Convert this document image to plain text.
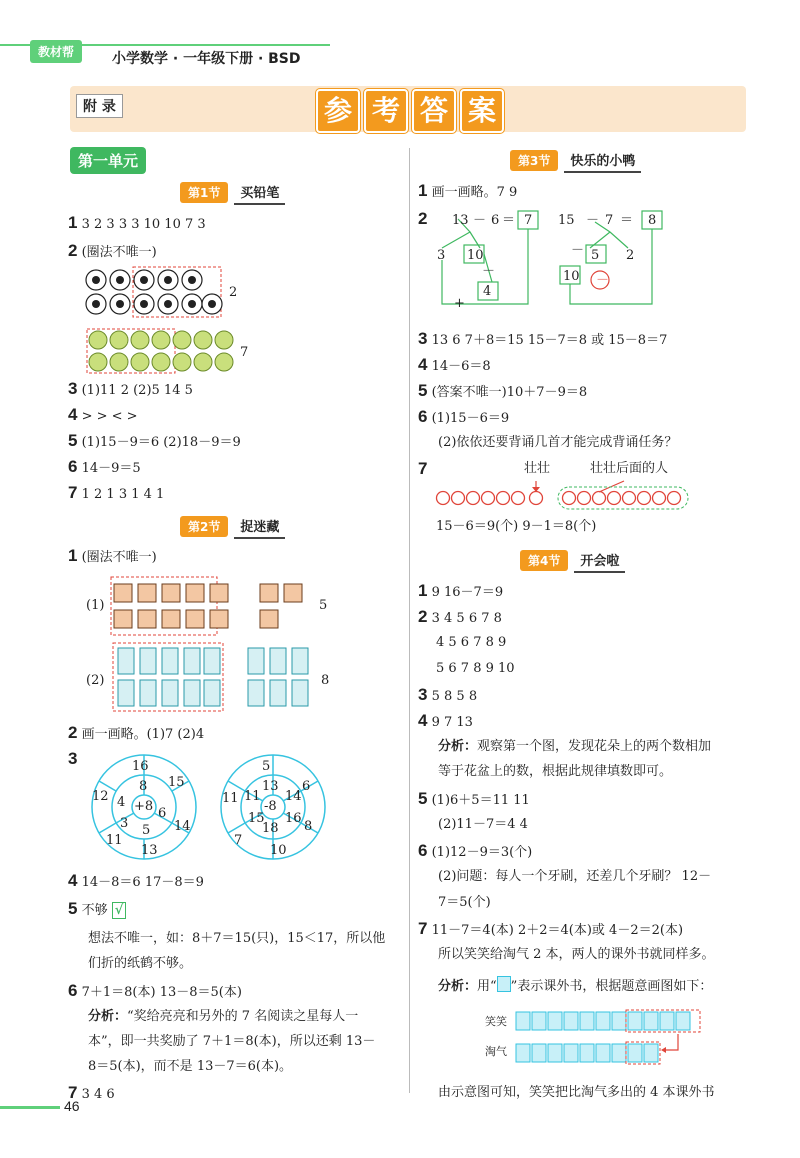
教材帮	小学数学 · 一年级下册 · BSD
附 录	参 考 答 案
第一单元
第1节	买铅笔
1 3 2 3 3 3 10 10 7 3
2 (圈法不唯一)
2
7
3 (1)11 2 (2)5 14 5
4 > > < >
5 (1)15－9＝6 (2)18－9＝9
6 14－9＝5
7 1 2 1 3 1 4 1
第2节	捉迷藏
1 (圈法不唯一)
(1)	5
(2)	8
2 画一画略。(1)7 (2)4
3
+8
8
6
5
3
4
16
15
14
13
11
12
-8
13
14
16
18
15
11
5
6
8
10
7
11
4 14－8＝6 17－8＝9
5 不够 √
想法不唯一，如：8＋7＝15(只)，15＜17，所以他
们折的纸鹤不够。
6 7＋1＝8(本) 13－8＝5(本)
分析：“奖给亮亮和另外的 7 名阅读之星每人一
本”，即一共奖励了 7＋1＝8(本)，所以还剩 13－
8＝5(本)，而不是 13－7＝6(本)。
7 3 4 6
第3节	快乐的小鸭
1 画一画略。7 9
2 13 － 6 ＝ 7
3 10
－
4
+
15 － 7 ＝ 8
－ 5 2
10 －
3 13 6 7＋8＝15 15－7＝8 或 15－8＝7
4 14－6＝8
5 (答案不唯一)10＋7－9＝8
6 (1)15－6＝9
(2)依依还要背诵几首才能完成背诵任务？
7	壮壮	壮壮后面的人
15－6＝9(个) 9－1＝8(个)
第4节	开会啦
1 9 16－7＝9
2 3 4 5 6 7 8
4 5 6 7 8 9
5 6 7 8 9 10
3 5 8 5 8
4 9 7 13
分析：观察第一个图，发现花朵上的两个数相加
等于花盆上的数，根据此规律填数即可。
5 (1)6＋5＝11 11
(2)11－7＝4 4
6 (1)12－9＝3(个)
(2)问题：每人一个牙刷，还差几个牙刷？ 12－
7＝5(个)
7 11－7＝4(本) 2＋2＝4(本)或 4－2＝2(本)
所以笑笑给淘气 2 本，两人的课外书就同样多。
分析：用“ ”表示课外书，根据题意画图如下：
笑笑
淘气
由示意图可知，笑笑把比淘气多出的 4 本课外书
46
